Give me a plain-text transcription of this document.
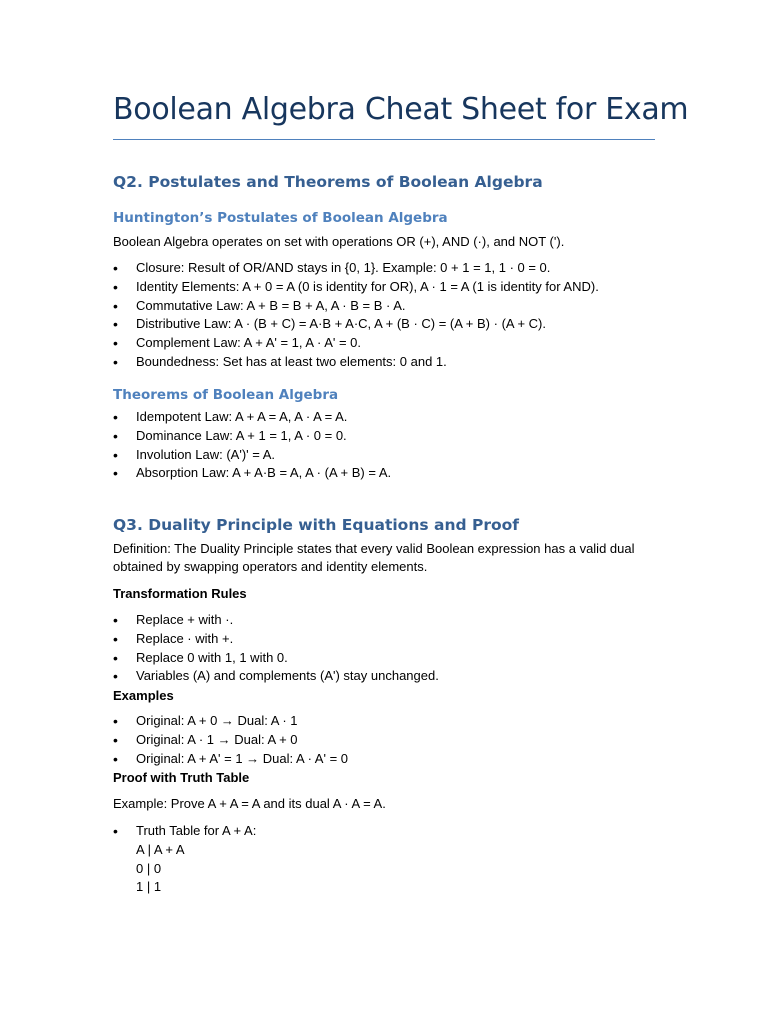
Boolean Algebra Cheat Sheet for Exam
Q2. Postulates and Theorems of Boolean Algebra
Huntington’s Postulates of Boolean Algebra

Boolean Algebra operates on set with operations OR (+), AND (·), and NOT (').

• Closure: Result of OR/AND stays in {0, 1}. Example: 0 + 1 = 1, 1 · 0 = 0.
• Identity Elements: A + 0 = A (0 is identity for OR), A · 1 = A (1 is identity for AND).
• Commutative Law: A + B = B + A, A · B = B · A.
• Distributive Law: A · (B + C) = A·B + A·C, A + (B · C) = (A + B) · (A + C).
• Complement Law: A + A' = 1, A · A' = 0.
• Boundedness: Set has at least two elements: 0 and 1.
Theorems of Boolean Algebra
• Idempotent Law: A + A = A, A · A = A.
• Dominance Law: A + 1 = 1, A · 0 = 0.
• Involution Law: (A')' = A.
• Absorption Law: A + A·B = A, A · (A + B) = A.
Q3. Duality Principle with Equations and Proof

Definition: The Duality Principle states that every valid Boolean expression has a valid dual obtained by swapping operators and identity elements.

Transformation Rules

• Replace + with ·.
• Replace · with +.
• Replace 0 with 1, 1 with 0.
• Variables (A) and complements (A') stay unchanged.

Examples

• Original: A + 0 → Dual: A · 1
• Original: A · 1 → Dual: A + 0
• Original: A + A' = 1 → Dual: A · A' = 0

Proof with Truth Table

Example: Prove A + A = A and its dual A · A = A.

• Truth Table for A + A:
A | A + A
0 | 0
1 | 1
